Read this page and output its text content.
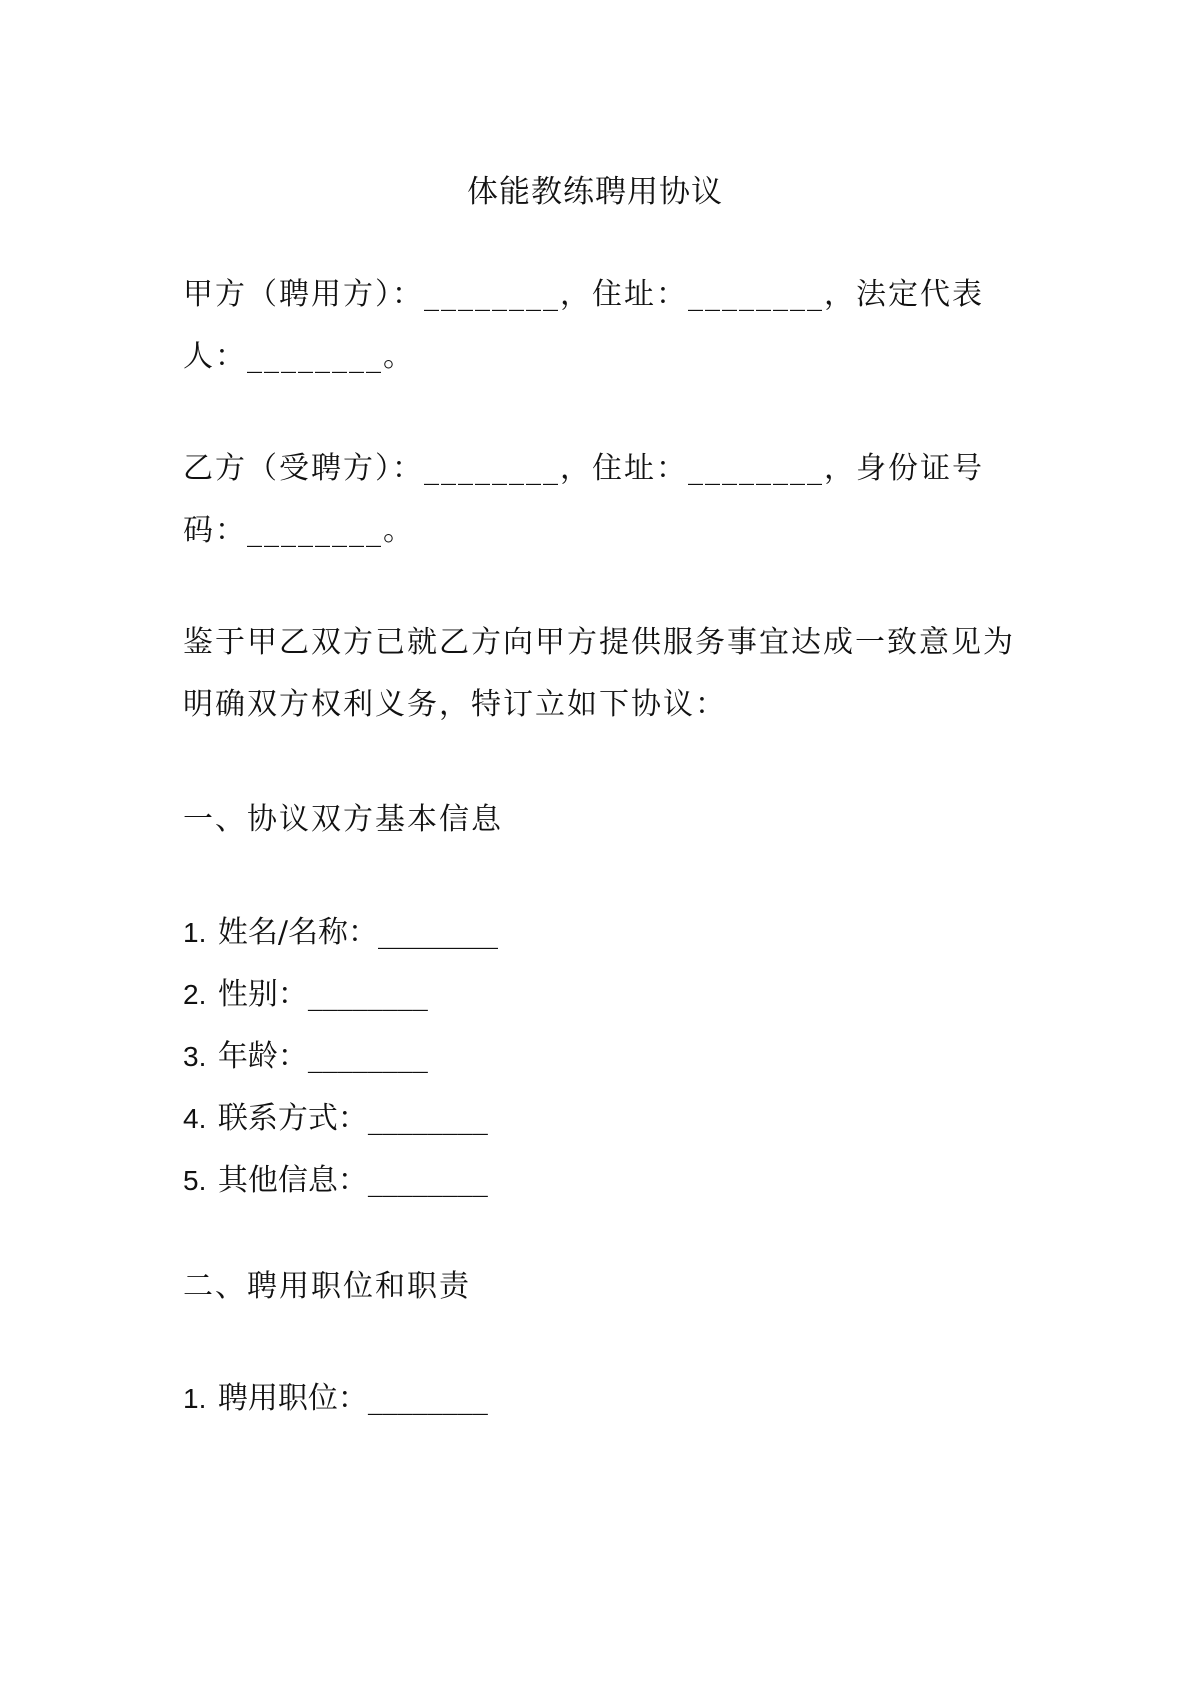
体能教练聘用协议
甲方（聘用方）：________，住址：________，法定代表人：________。
乙方（受聘方）：________，住址：________，身份证号码：________。
鉴于甲乙双方已就乙方向甲方提供服务事宜达成一致意见为明确双方权利义务，特订立如下协议：
一、协议双方基本信息
1. 姓名/名称：________
2. 性别：________
3. 年龄：________
4. 联系方式：________
5. 其他信息：________
二、聘用职位和职责
1. 聘用职位：________
